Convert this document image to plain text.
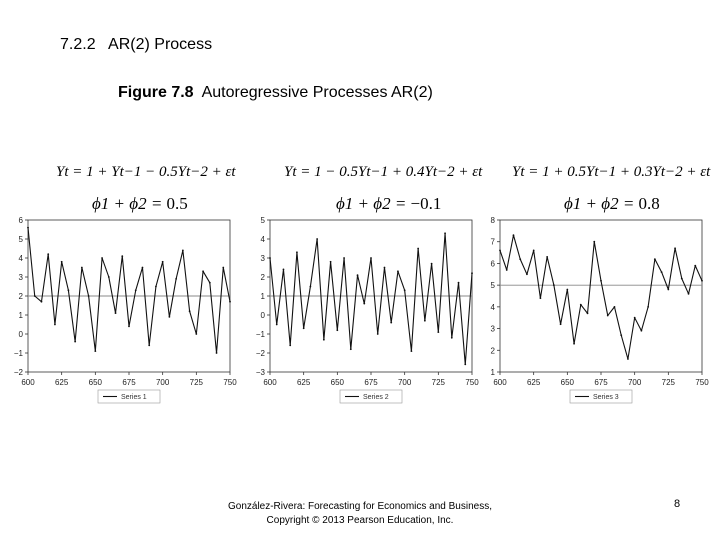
7.2.2   AR(2) Process
Figure 7.8  Autoregressive Processes AR(2)
Yt = 1 + Yt−1 − 0.5Yt−2 + εt
ϕ1 + ϕ2 = 0.5
Yt = 1 − 0.5Yt−1 + 0.4Yt−2 + εt
ϕ1 + ϕ2 = −0.1
Yt = 1 + 0.5Yt−1 + 0.3Yt−2 + εt
ϕ1 + ϕ2 = 0.8
−2
−1
0
1
2
3
4
5
6
600	625	650	675	700	725	750
Series 1
−3
−2
−1
0
1
2
3
4
5
600	625	650	675	700	725	750
Series 2
1
2
3
4
5
6
7
8
600	625	650	675	700	725	750
Series 3
González-Rivera: Forecasting for Economics and Business,
Copyright © 2013 Pearson Education, Inc.
8
